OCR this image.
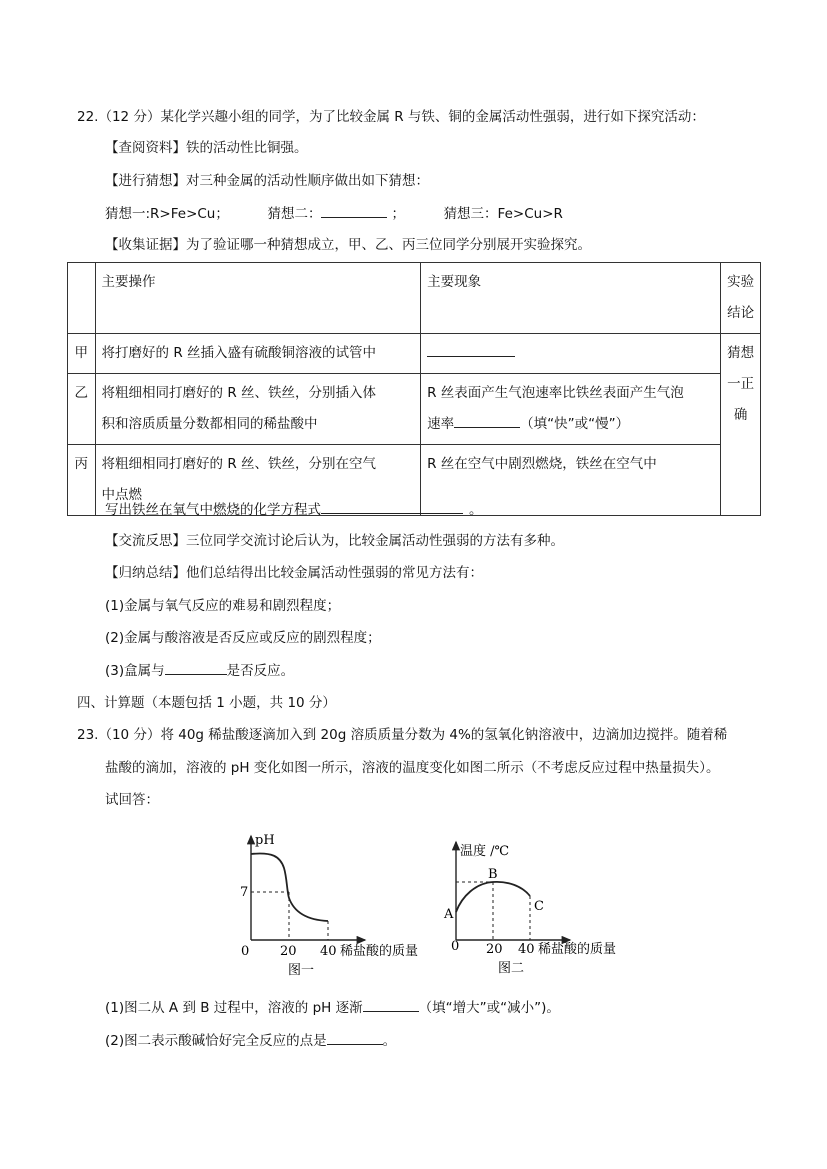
22.（12 分）某化学兴趣小组的同学，为了比较金属 R 与铁、铜的金属活动性强弱，进行如下探究活动：
【查阅资料】铁的活动性比铜强。
【进行猜想】对三种金属的活动性顺序做出如下猜想：
猜想一:R>Fe>Cu；	猜想二：	；	猜想三：Fe>Cu>R
【收集证据】为了验证哪一种猜想成立，甲、乙、丙三位同学分别展开实验探究。
	主要操作	主要现象	实验
结论
甲	将打磨好的 R 丝插入盛有硫酸铜溶液的试管中		猜想
一正
确
乙	将粗细相同打磨好的 R 丝、铁丝，分别插入体
积和溶质质量分数都相同的稀盐酸中	R 丝表面产生气泡速率比铁丝表面产生气泡
速率 （填“快”或“慢”）	
丙	将粗细相同打磨好的 R 丝、铁丝，分别在空气
中点燃	R 丝在空气中剧烈燃烧，铁丝在空气中	
写出铁丝在氧气中燃烧的化学方程式	。
【交流反思】三位同学交流讨论后认为，比较金属活动性强弱的方法有多种。
【归纳总结】他们总结得出比较金属活动性强弱的常见方法有：
(1)金属与氧气反应的难易和剧烈程度；
(2)金属与酸溶液是否反应或反应的剧烈程度；
(3)盒属与	是否反应。
四、计算题（本题包括 1 小题，共 10 分）
23.（10 分）将 40g 稀盐酸逐滴加入到 20g 溶质质量分数为 4%的氢氧化钠溶液中，边滴加边搅拌。随着稀
盐酸的滴加，溶液的 pH 变化如图一所示，溶液的温度变化如图二所示（不考虑反应过程中热量损失）。
试回答：
pH
7
0 20 40 稀盐酸的质量
图一
温度 /℃
0 20 40 稀盐酸的质量
图二
A
B
C
(1)图二从 A 到 B 过程中，溶液的 pH 逐渐	（填“增大”或“减小”)。
(2)图二表示酸碱恰好完全反应的点是	。
